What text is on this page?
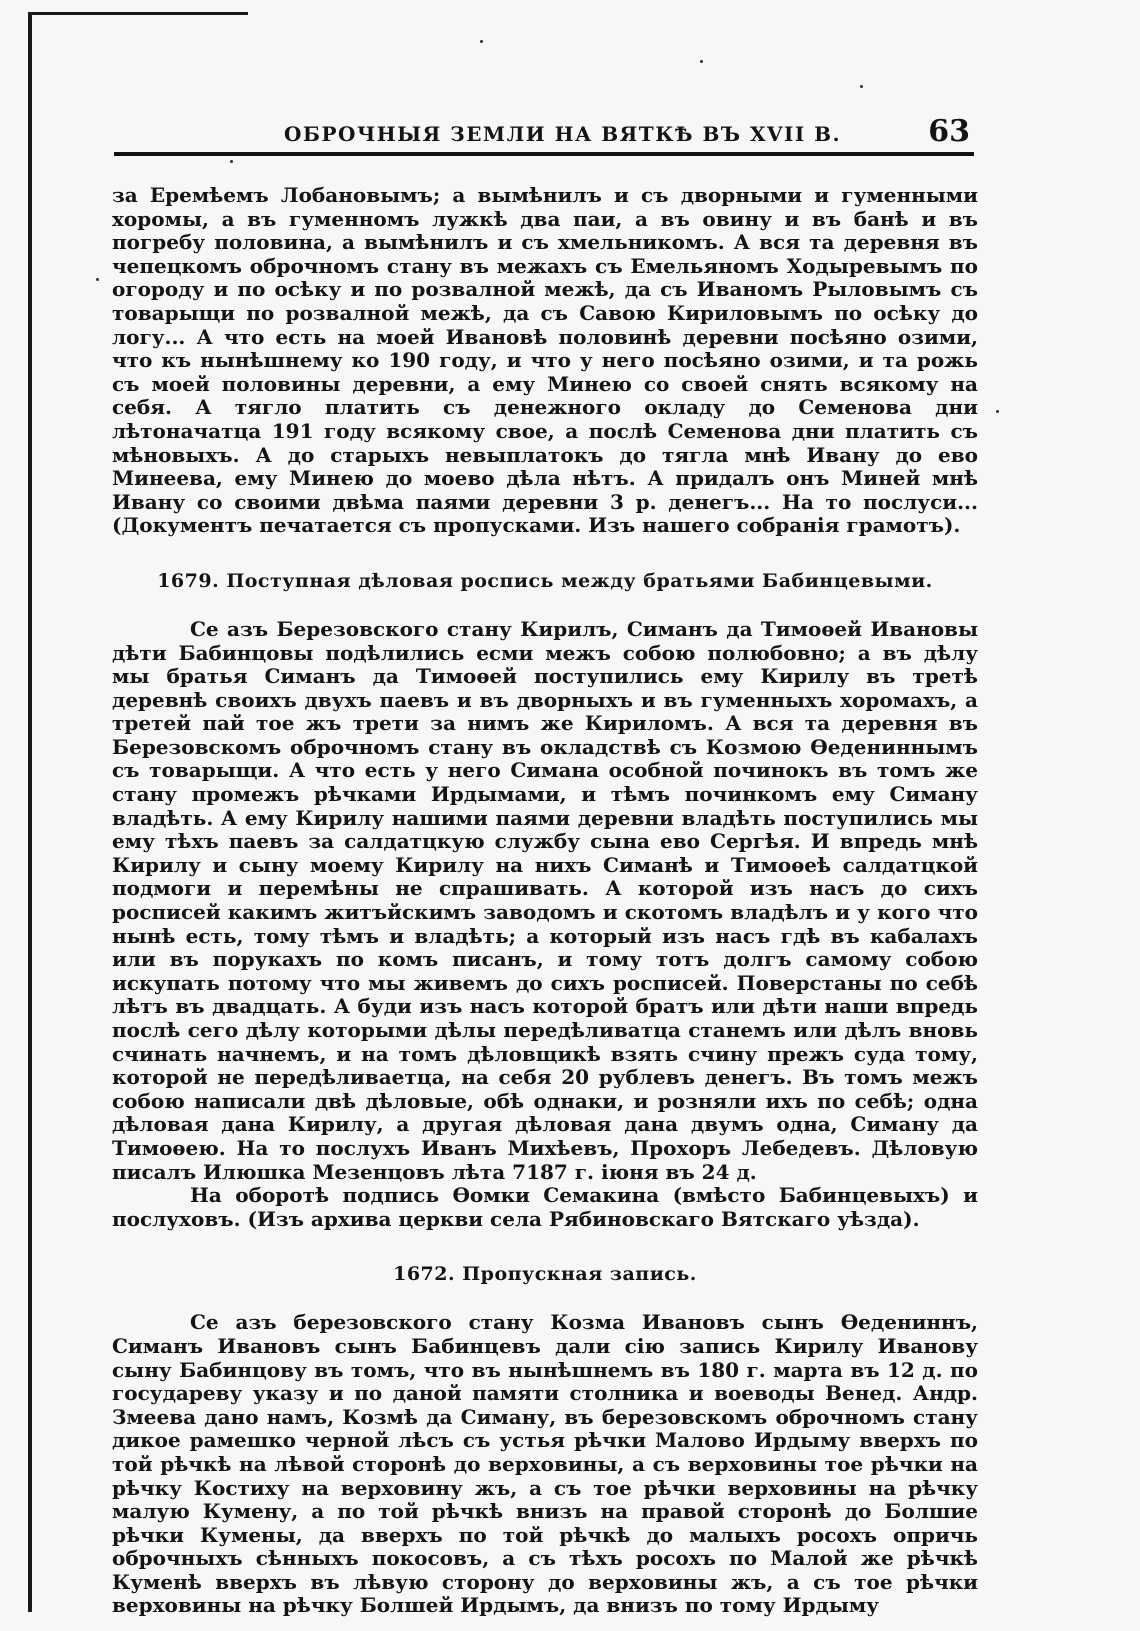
ОБРОЧНЫЯ ЗЕМЛИ НА ВЯТКѢ ВЪ XVII В.	63

за Еремѣемъ Лобановымъ; а вымѣнилъ и съ дворными и гуменными хоромы, а въ гуменномъ лужкѣ два паи, а въ овину и въ банѣ и въ погребу половина, а вымѣнилъ и съ хмельникомъ. А вся та деревня въ чепецкомъ оброчномъ стану въ межахъ съ Емельяномъ Ходыревымъ по огороду и по осѣку и по розвалной межѣ, да съ Иваномъ Рыловымъ съ товарыщи по розвалной межѣ, да съ Савою Кириловымъ по осѣку до логу... А что есть на моей Ивановѣ половинѣ деревни посѣяно озими, что къ нынѣшнему ко 190 году, и что у него посѣяно озими, и та рожь съ моей половины деревни, а ему Минею со своей снять всякому на себя. А тягло платить съ денежного окладу до Семенова дни лѣтоначатца 191 году всякому свое, а послѣ Семенова дни платить съ мѣновыхъ. А до старыхъ невыплатокъ до тягла мнѣ Ивану до ево Минеева, ему Минею до моево дѣла нѣтъ. А придалъ онъ Миней мнѣ Ивану со своими двѣма паями деревни 3 р. денегъ... На то послуси... (Документъ печатается съ пропусками. Изъ нашего собранія грамотъ).

1679. Поступная дѣловая роспись между братьями Бабинцевыми.

Се азъ Березовского стану Кирилъ, Симанъ да Тимоѳей Ивановы дѣти Бабинцовы подѣлились есми межъ собою полюбовно; а въ дѣлу мы братья Симанъ да Тимоѳей поступились ему Кирилу въ третѣ деревнѣ своихъ двухъ паевъ и въ дворныхъ и въ гуменныхъ хоромахъ, а третей пай тое жъ трети за нимъ же Кириломъ. А вся та деревня въ Березовскомъ оброчномъ стану въ окладствѣ съ Козмою Ѳедениннымъ съ товарыщи. А что есть у него Симана особной починокъ въ томъ же стану промежъ рѣчками Ирдымами, и тѣмъ починкомъ ему Симану владѣть. А ему Кирилу нашими паями деревни владѣть поступились мы ему тѣхъ паевъ за салдатцкую службу сына ево Сергѣя. И впредь мнѣ Кирилу и сыну моему Кирилу на нихъ Симанѣ и Тимоѳеѣ салдатцкой подмоги и перемѣны не спрашивать. А которой изъ насъ до сихъ росписей какимъ житъйскимъ заводомъ и скотомъ владѣлъ и у кого что нынѣ есть, тому тѣмъ и владѣть; а который изъ насъ гдѣ въ кабалахъ или въ порукахъ по комъ писанъ, и тому тотъ долгъ самому собою искупать потому что мы живемъ до сихъ росписей. Поверстаны по себѣ лѣтъ въ двадцать. А буди изъ насъ которой братъ или дѣти наши впредь послѣ сего дѣлу которыми дѣлы передѣливатца станемъ или дѣлъ вновь счинать начнемъ, и на томъ дѣловщикѣ взять счину прежъ суда тому, которой не передѣливаетца, на себя 20 рублевъ денегъ. Въ томъ межъ собою написали двѣ дѣловые, обѣ однаки, и розняли ихъ по себѣ; одна дѣловая дана Кирилу, а другая дѣловая дана двумъ одна, Симану да Тимоѳею. На то послухъ Иванъ Михѣевъ, Прохоръ Лебедевъ. Дѣловую писалъ Илюшка Мезенцовъ лѣта 7187 г. іюня въ 24 д.

На оборотѣ подпись Ѳомки Семакина (вмѣсто Бабинцевыхъ) и послуховъ. (Изъ архива церкви села Рябиновскаго Вятскаго уѣзда).

1672. Пропускная запись.

Се азъ березовского стану Козма Ивановъ сынъ Ѳедениннъ, Симанъ Ивановъ сынъ Бабинцевъ дали сію запись Кирилу Иванову сыну Бабинцову въ томъ, что въ нынѣшнемъ въ 180 г. марта въ 12 д. по государеву указу и по даной памяти столника и воеводы Венед. Андр. Змеева дано намъ, Козмѣ да Симану, въ березовскомъ оброчномъ стану дикое рамешко черной лѣсъ съ устья рѣчки Малово Ирдыму вверхъ по той рѣчкѣ на лѣвой сторонѣ до верховины, а съ верховины тое рѣчки на рѣчку Костиху на верховину жъ, а съ тое рѣчки верховины на рѣчку малую Кумену, а по той рѣчкѣ внизъ на правой сторонѣ до Болшие рѣчки Кумены, да вверхъ по той рѣчкѣ до малыхъ росохъ опричь оброчныхъ сѣнныхъ покосовъ, а съ тѣхъ росохъ по Малой же рѣчкѣ Куменѣ вверхъ въ лѣвую сторону до верховины жъ, а съ тое рѣчки верховины на рѣчку Болшей Ирдымъ, да внизъ по тому Ирдыму
